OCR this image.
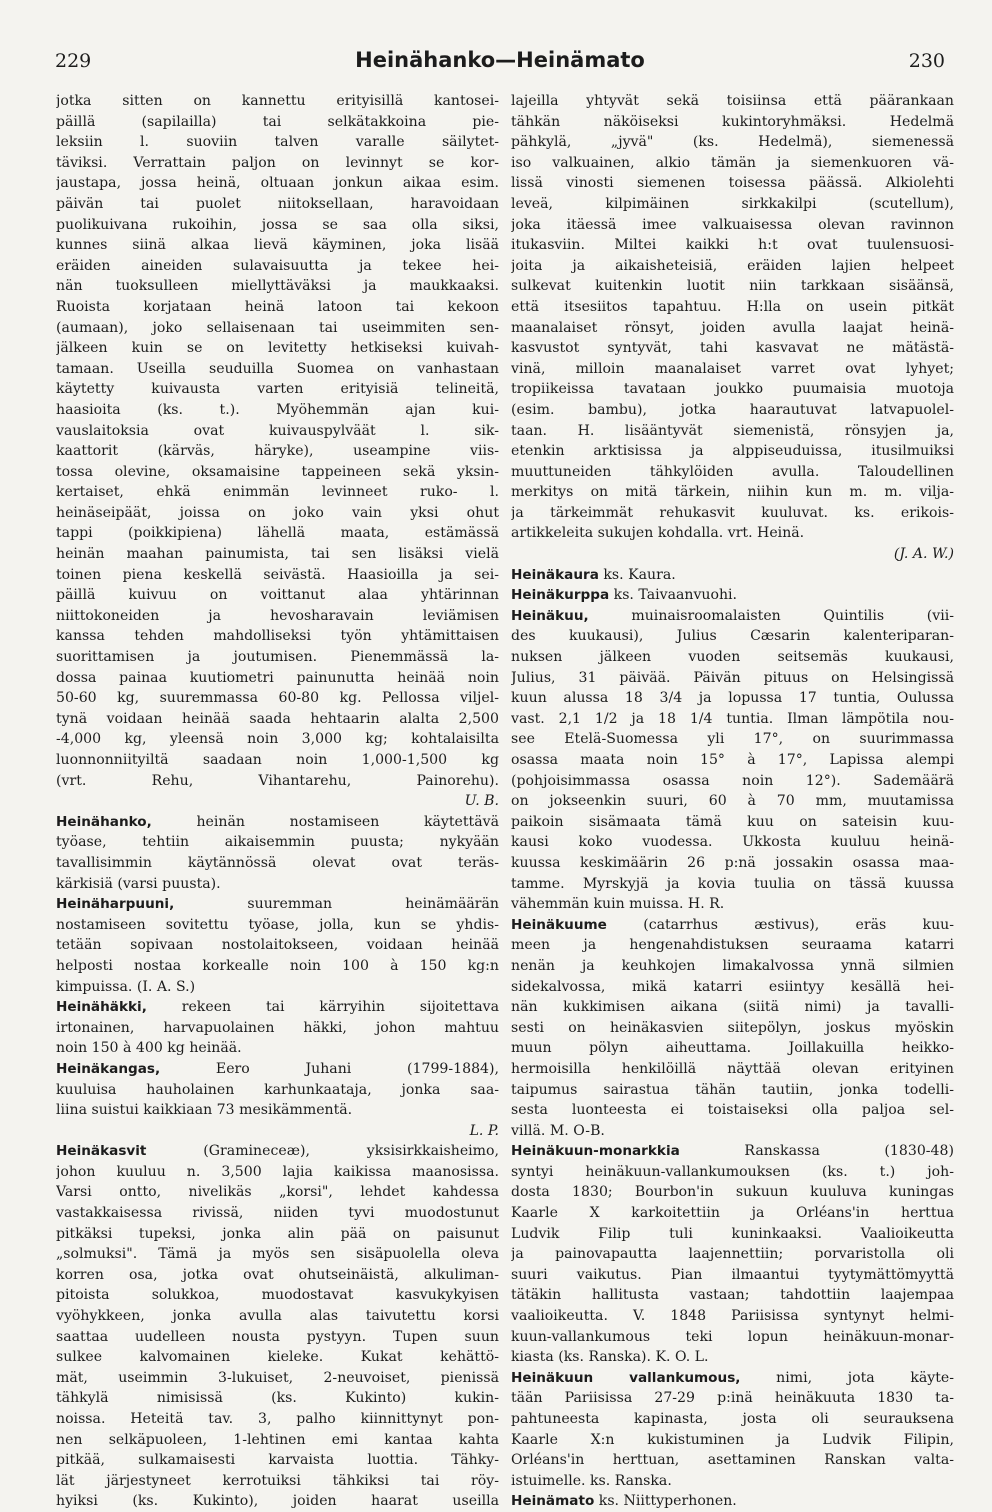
229	Heinähanko—Heinämato	230
jotka sitten on kannettu erityisillä kantosei-
päillä (sapilailla) tai selkätakkoina pie-
leksiin l. suoviin talven varalle säilytet-
täviksi. Verrattain paljon on levinnyt se kor-
jaustapa, jossa heinä, oltuaan jonkun aikaa esim.
päivän tai puolet niitoksellaan, haravoidaan
puolikuivana rukoihin, jossa se saa olla siksi,
kunnes siinä alkaa lievä käyminen, joka lisää
eräiden aineiden sulavaisuutta ja tekee hei-
nän tuoksulleen miellyttäväksi ja maukkaaksi.
Ruoista korjataan heinä latoon tai kekoon
(aumaan), joko sellaisenaan tai useimmiten sen-
jälkeen kuin se on levitetty hetkiseksi kuivah-
tamaan. Useilla seuduilla Suomea on vanhastaan
käytetty kuivausta varten erityisiä telineitä,
haasioita (ks. t.). Myöhemmän ajan kui-
vauslaitoksia ovat kuivauspylväät l. sik-
kaattorit (kärväs, häryke), useampine viis-
tossa olevine, oksamaisine tappeineen sekä yksin-
kertaiset, ehkä enimmän levinneet ruko- l.
heinäseipäät, joissa on joko vain yksi ohut
tappi (poikkipiena) lähellä maata, estämässä
heinän maahan painumista, tai sen lisäksi vielä
toinen piena keskellä seivästä. Haasioilla ja sei-
päillä kuivuu on voittanut alaa yhtärinnan
niittokoneiden ja hevosharavain leviämisen
kanssa tehden mahdolliseksi työn yhtämittaisen
suorittamisen ja joutumisen. Pienemmässä la-
dossa painaa kuutiometri painunutta heinää noin
50-60 kg, suuremmassa 60-80 kg. Pellossa viljel-
tynä voidaan heinää saada hehtaarin alalta 2,500
-4,000 kg, yleensä noin 3,000 kg; kohtalaisilta
luonnonniityiltä saadaan noin 1,000-1,500 kg
(vrt. Rehu, Vihantarehu, Painorehu).
U. B.
Heinähanko, heinän nostamiseen käytettävä
työase, tehtiin aikaisemmin puusta; nykyään
tavallisimmin käytännössä olevat ovat teräs-
kärkisiä (varsi puusta).
Heinäharpuuni, suuremman heinämäärän
nostamiseen sovitettu työase, jolla, kun se yhdis-
tetään sopivaan nostolaitokseen, voidaan heinää
helposti nostaa korkealle noin 100 à 150 kg:n
kimpuissa. (I. A. S.)
Heinähäkki, rekeen tai kärryihin sijoitettava
irtonainen, harvapuolainen häkki, johon mahtuu
noin 150 à 400 kg heinää.
Heinäkangas, Eero Juhani (1799-1884),
kuuluisa hauholainen karhunkaataja, jonka saa-
liina suistui kaikkiaan 73 mesikämmentä.
L. P.
Heinäkasvit (Gramineceæ), yksisirkkaisheimo,
johon kuuluu n. 3,500 lajia kaikissa maanosissa.
Varsi ontto, nivelikäs „korsi", lehdet kahdessa
vastakkaisessa rivissä, niiden tyvi muodostunut
pitkäksi tupeksi, jonka alin pää on paisunut
„solmuksi". Tämä ja myös sen sisäpuolella oleva
korren osa, jotka ovat ohutseinäistä, alkuliman-
pitoista solukkoa, muodostavat kasvukykyisen
vyöhykkeen, jonka avulla alas taivutettu korsi
saattaa uudelleen nousta pystyyn. Tupen suun
sulkee kalvomainen kieleke. Kukat kehättö-
mät, useimmin 3-lukuiset, 2-neuvoiset, pienissä
tähkylä nimisissä (ks. Kukinto) kukin-
noissa. Heteitä tav. 3, palho kiinnittynyt pon-
nen selkäpuoleen, 1-lehtinen emi kantaa kahta
pitkää, sulkamaisesti karvaista luottia. Tähky-
lät järjestyneet kerrotuiksi tähkiksi tai röy-
hyiksi (ks. Kukinto), joiden haarat useilla
lajeilla yhtyvät sekä toisiinsa että päärankaan
tähkän näköiseksi kukintoryhmäksi. Hedelmä
pähkylä, „jyvä" (ks. Hedelmä), siemenessä
iso valkuainen, alkio tämän ja siemenkuoren vä-
lissä vinosti siemenen toisessa päässä. Alkiolehti
leveä, kilpimäinen sirkkakilpi (scutellum),
joka itäessä imee valkuaisessa olevan ravinnon
itukasviin. Miltei kaikki h:t ovat tuulensuosi-
joita ja aikaisheteisiä, eräiden lajien helpeet
sulkevat kuitenkin luotit niin tarkkaan sisäänsä,
että itsesiitos tapahtuu. H:lla on usein pitkät
maanalaiset rönsyt, joiden avulla laajat heinä-
kasvustot syntyvät, tahi kasvavat ne mätästä-
vinä, milloin maanalaiset varret ovat lyhyet;
tropiikeissa tavataan joukko puumaisia muotoja
(esim. bambu), jotka haarautuvat latvapuolel-
taan. H. lisääntyvät siemenistä, rönsyjen ja,
etenkin arktisissa ja alppiseuduissa, itusilmuiksi
muuttuneiden tähkylöiden avulla. Taloudellinen
merkitys on mitä tärkein, niihin kun m. m. vilja-
ja tärkeimmät rehukasvit kuuluvat. ks. erikois-
artikkeleita sukujen kohdalla. vrt. Heinä.
(J. A. W.)
Heinäkaura ks. Kaura.
Heinäkurppa ks. Taivaanvuohi.
Heinäkuu, muinaisroomalaisten Quintilis (vii-
des kuukausi), Julius Cæsarin kalenteriparan-
nuksen jälkeen vuoden seitsemäs kuukausi,
Julius, 31 päivää. Päivän pituus on Helsingissä
kuun alussa 18 3/4 ja lopussa 17 tuntia, Oulussa
vast. 2,1 1/2 ja 18 1/4 tuntia. Ilman lämpötila nou-
see Etelä-Suomessa yli 17°, on suurimmassa
osassa maata noin 15° à 17°, Lapissa alempi
(pohjoisimmassa osassa noin 12°). Sademäärä
on jokseenkin suuri, 60 à 70 mm, muutamissa
paikoin sisämaata tämä kuu on sateisin kuu-
kausi koko vuodessa. Ukkosta kuuluu heinä-
kuussa keskimäärin 26 p:nä jossakin osassa maa-
tamme. Myrskyjä ja kovia tuulia on tässä kuussa
vähemmän kuin muissa. H. R.
Heinäkuume (catarrhus æstivus), eräs kuu-
meen ja hengenahdistuksen seuraama katarri
nenän ja keuhkojen limakalvossa ynnä silmien
sidekalvossa, mikä katarri esiintyy kesällä hei-
nän kukkimisen aikana (siitä nimi) ja tavalli-
sesti on heinäkasvien siitepölyn, joskus myöskin
muun pölyn aiheuttama. Joillakuilla heikko-
hermoisilla henkilöillä näyttää olevan erityinen
taipumus sairastua tähän tautiin, jonka todelli-
sesta luonteesta ei toistaiseksi olla paljoa sel-
villä. M. O-B.
Heinäkuun-monarkkia Ranskassa (1830-48)
syntyi heinäkuun-vallankumouksen (ks. t.) joh-
dosta 1830; Bourbon'in sukuun kuuluva kuningas
Kaarle X karkoitettiin ja Orléans'in herttua
Ludvik Filip tuli kuninkaaksi. Vaalioikeutta
ja painovapautta laajennettiin; porvaristolla oli
suuri vaikutus. Pian ilmaantui tyytymättömyyttä
tätäkin hallitusta vastaan; tahdottiin laajempaa
vaalioikeutta. V. 1848 Pariisissa syntynyt helmi-
kuun-vallankumous teki lopun heinäkuun-monar-
kiasta (ks. Ranska). K. O. L.
Heinäkuun vallankumous, nimi, jota käyte-
tään Pariisissa 27-29 p:inä heinäkuuta 1830 ta-
pahtuneesta kapinasta, josta oli seurauksena
Kaarle X:n kukistuminen ja Ludvik Filipin,
Orléans'in herttuan, asettaminen Ranskan valta-
istuimelle. ks. Ranska.
Heinämato ks. Niittyperhonen.
